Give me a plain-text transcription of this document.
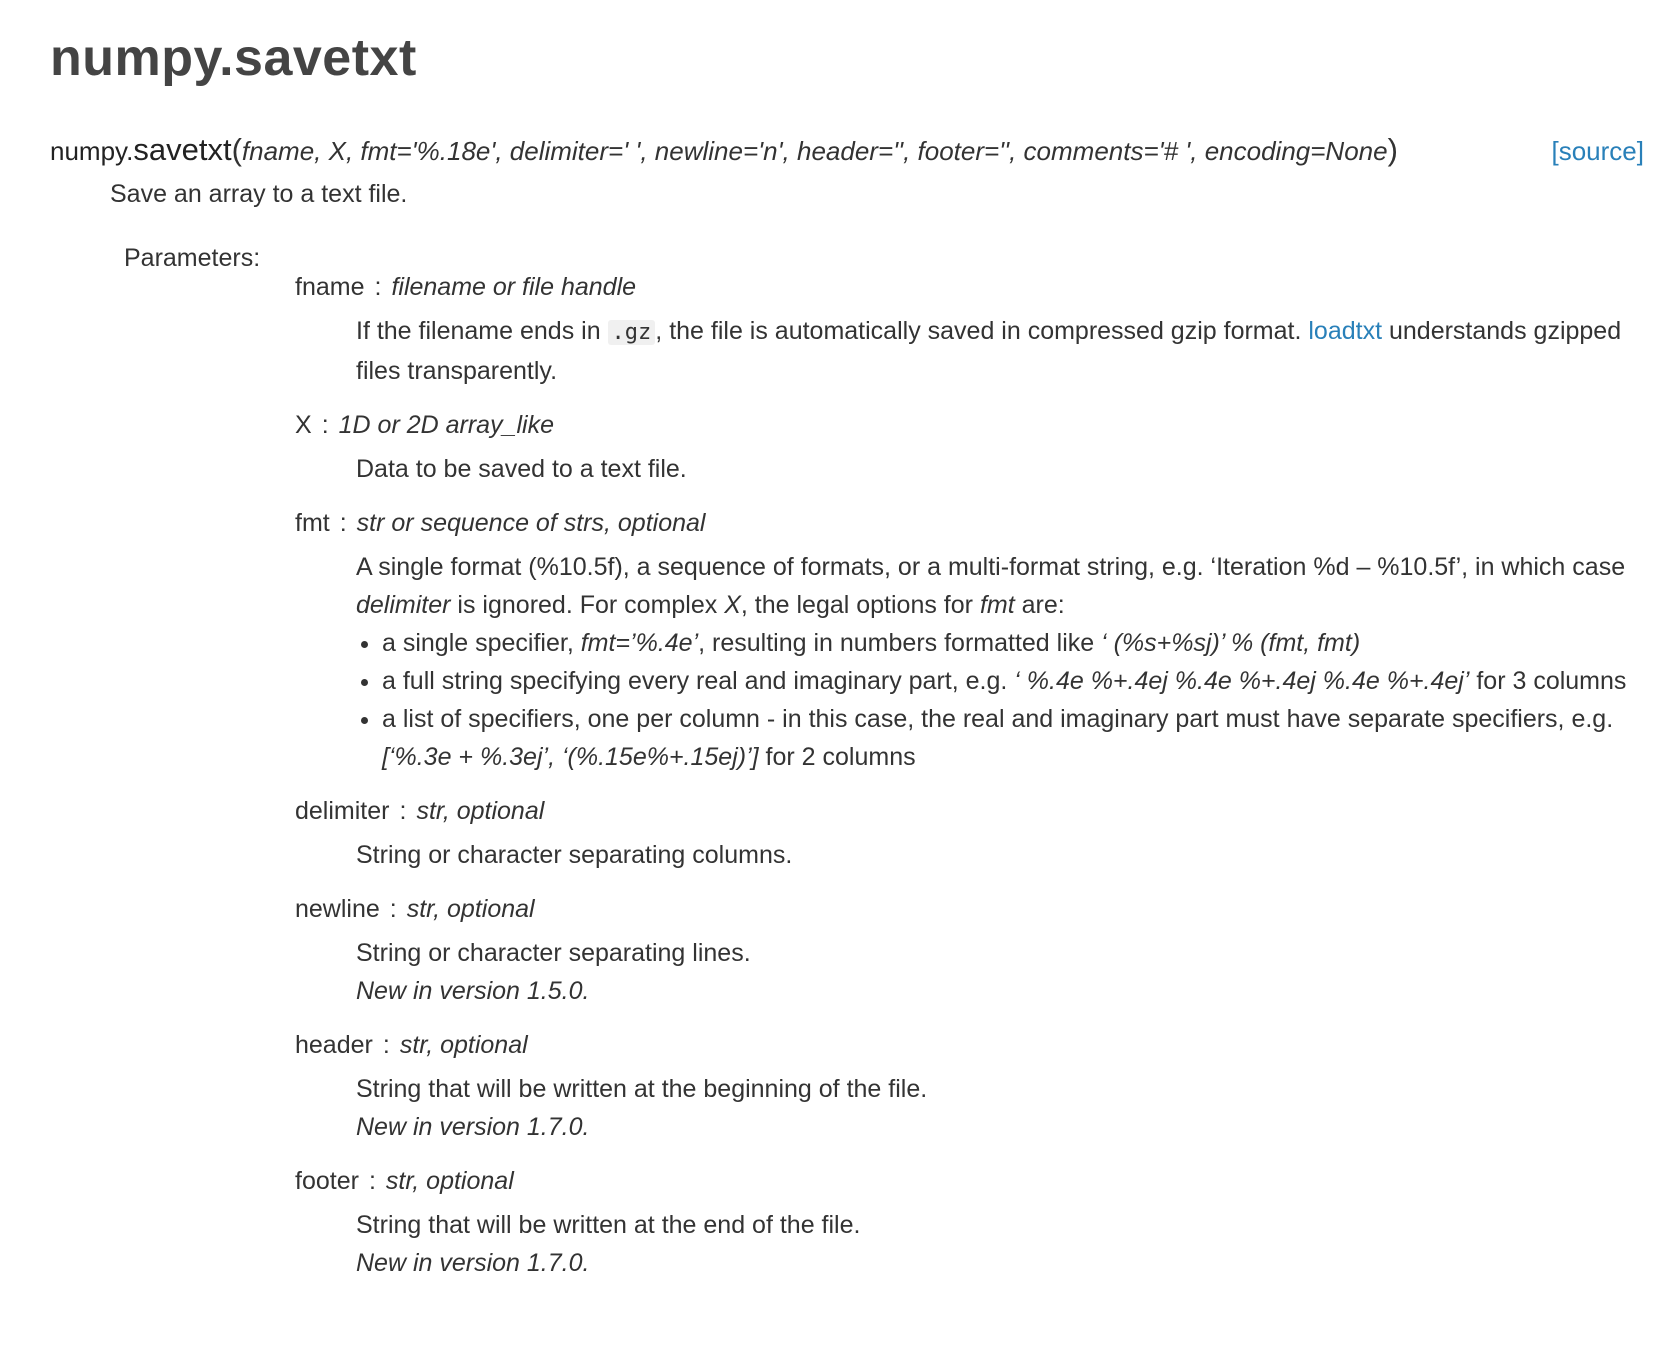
numpy.savetxt
numpy.savetxt(fname, X, fmt='%.18e', delimiter=' ', newline='n', header='', footer='', comments='# ', encoding=None)	[source]
Save an array to a text file.
Parameters:
fname : filename or file handle
If the filename ends in .gz , the file is automatically saved in compressed gzip format. loadtxt understands gzipped files transparently.
X : 1D or 2D array_like
Data to be saved to a text file.
fmt : str or sequence of strs, optional
A single format (%10.5f), a sequence of formats, or a multi-format string, e.g. ‘Iteration %d – %10.5f’, in which case delimiter is ignored. For complex X, the legal options for fmt are:
• a single specifier, fmt=’%.4e’, resulting in numbers formatted like ‘ (%s+%sj)’ % (fmt, fmt)
• a full string specifying every real and imaginary part, e.g. ‘ %.4e %+.4ej %.4e %+.4ej %.4e %+.4ej’ for 3 columns
• a list of specifiers, one per column - in this case, the real and imaginary part must have separate specifiers, e.g. [‘%.3e + %.3ej’, ‘(%.15e%+.15ej)’] for 2 columns
delimiter : str, optional
String or character separating columns.
newline : str, optional
String or character separating lines.
New in version 1.5.0.
header : str, optional
String that will be written at the beginning of the file.
New in version 1.7.0.
footer : str, optional
String that will be written at the end of the file.
New in version 1.7.0.
